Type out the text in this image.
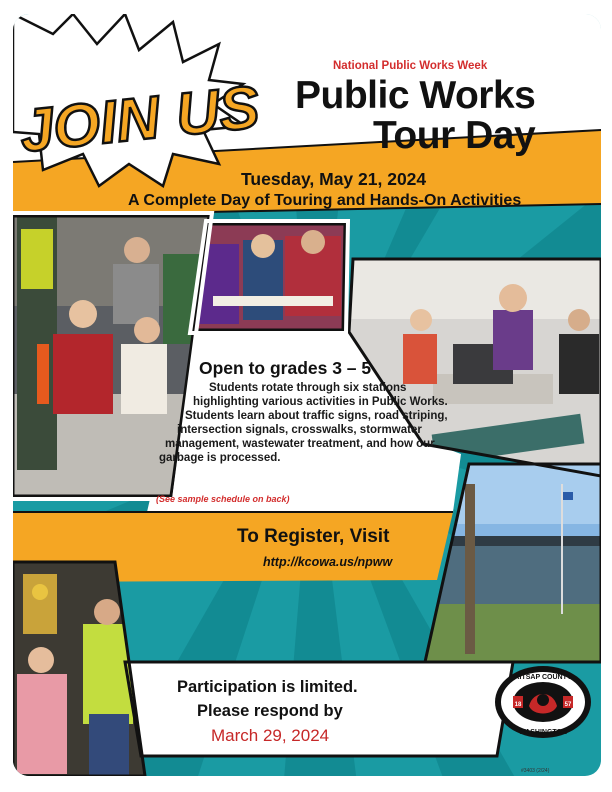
JOIN US
National Public Works Week
Public Works
Tour Day
Tuesday, May 21, 2024
A Complete Day of Touring and Hands-On Activities
Open to grades 3 – 5
Students rotate through six stations
highlighting various activities in Public Works.
Students learn about traffic signs, road striping,
intersection signals, crosswalks, stormwater
management, wastewater treatment, and how our
garbage is processed.
(See sample schedule on back)
To Register, Visit
http://kcowa.us/npww
Participation is limited.
Please respond by
March 29, 2024
KITSAP COUNTY
WASHINGTON
18	57
#3403 (2/24)
